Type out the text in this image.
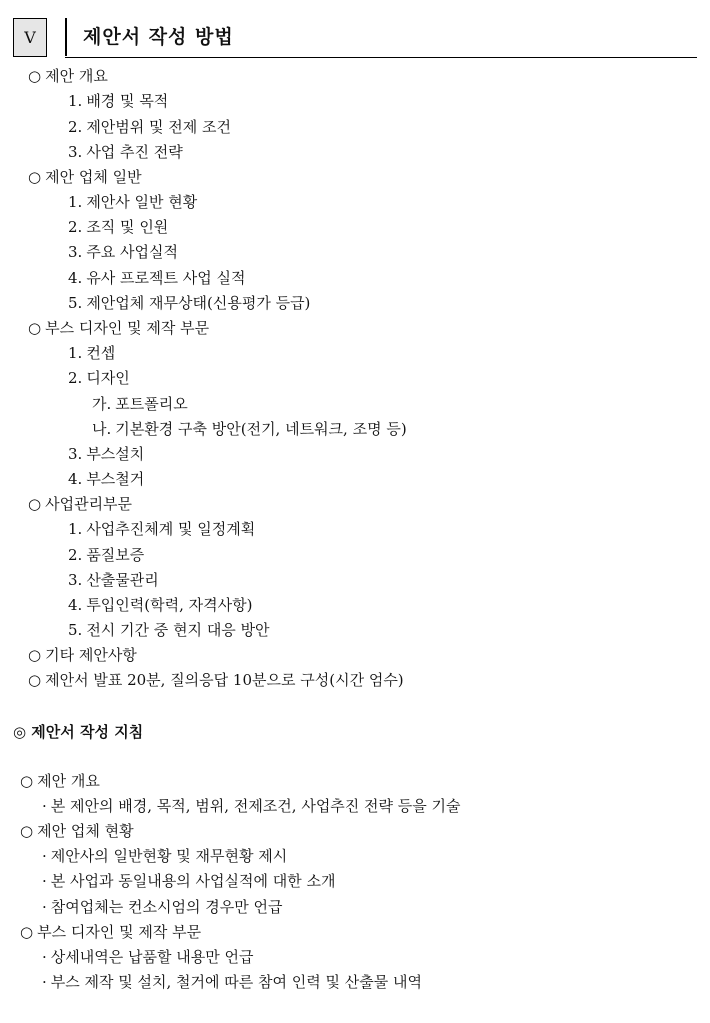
Ⅴ	제안서 작성 방법
○ 제안 개요
1. 배경 및 목적
2. 제안범위 및 전제 조건
3. 사업 추진 전략
○ 제안 업체 일반
1. 제안사 일반 현황
2. 조직 및 인원
3. 주요 사업실적
4. 유사 프로젝트 사업 실적
5. 제안업체 재무상태(신용평가 등급)
○ 부스 디자인 및 제작 부문
1. 컨셉
2. 디자인
가. 포트폴리오
나. 기본환경 구축 방안(전기, 네트워크, 조명 등)
3. 부스설치
4. 부스철거
○ 사업관리부문
1. 사업추진체계 및 일정계획
2. 품질보증
3. 산출물관리
4. 투입인력(학력, 자격사항)
5. 전시 기간 중 현지 대응 방안
○ 기타 제안사항
○ 제안서 발표 20분, 질의응답 10분으로 구성(시간 엄수)
◎ 제안서 작성 지침
○ 제안 개요
· 본 제안의 배경, 목적, 범위, 전제조건, 사업추진 전략 등을 기술
○ 제안 업체 현황
· 제안사의 일반현황 및 재무현황 제시
· 본 사업과 동일내용의 사업실적에 대한 소개
· 참여업체는 컨소시엄의 경우만 언급
○ 부스 디자인 및 제작 부문
· 상세내역은 납품할 내용만 언급
· 부스 제작 및 설치, 철거에 따른 참여 인력 및 산출물 내역
